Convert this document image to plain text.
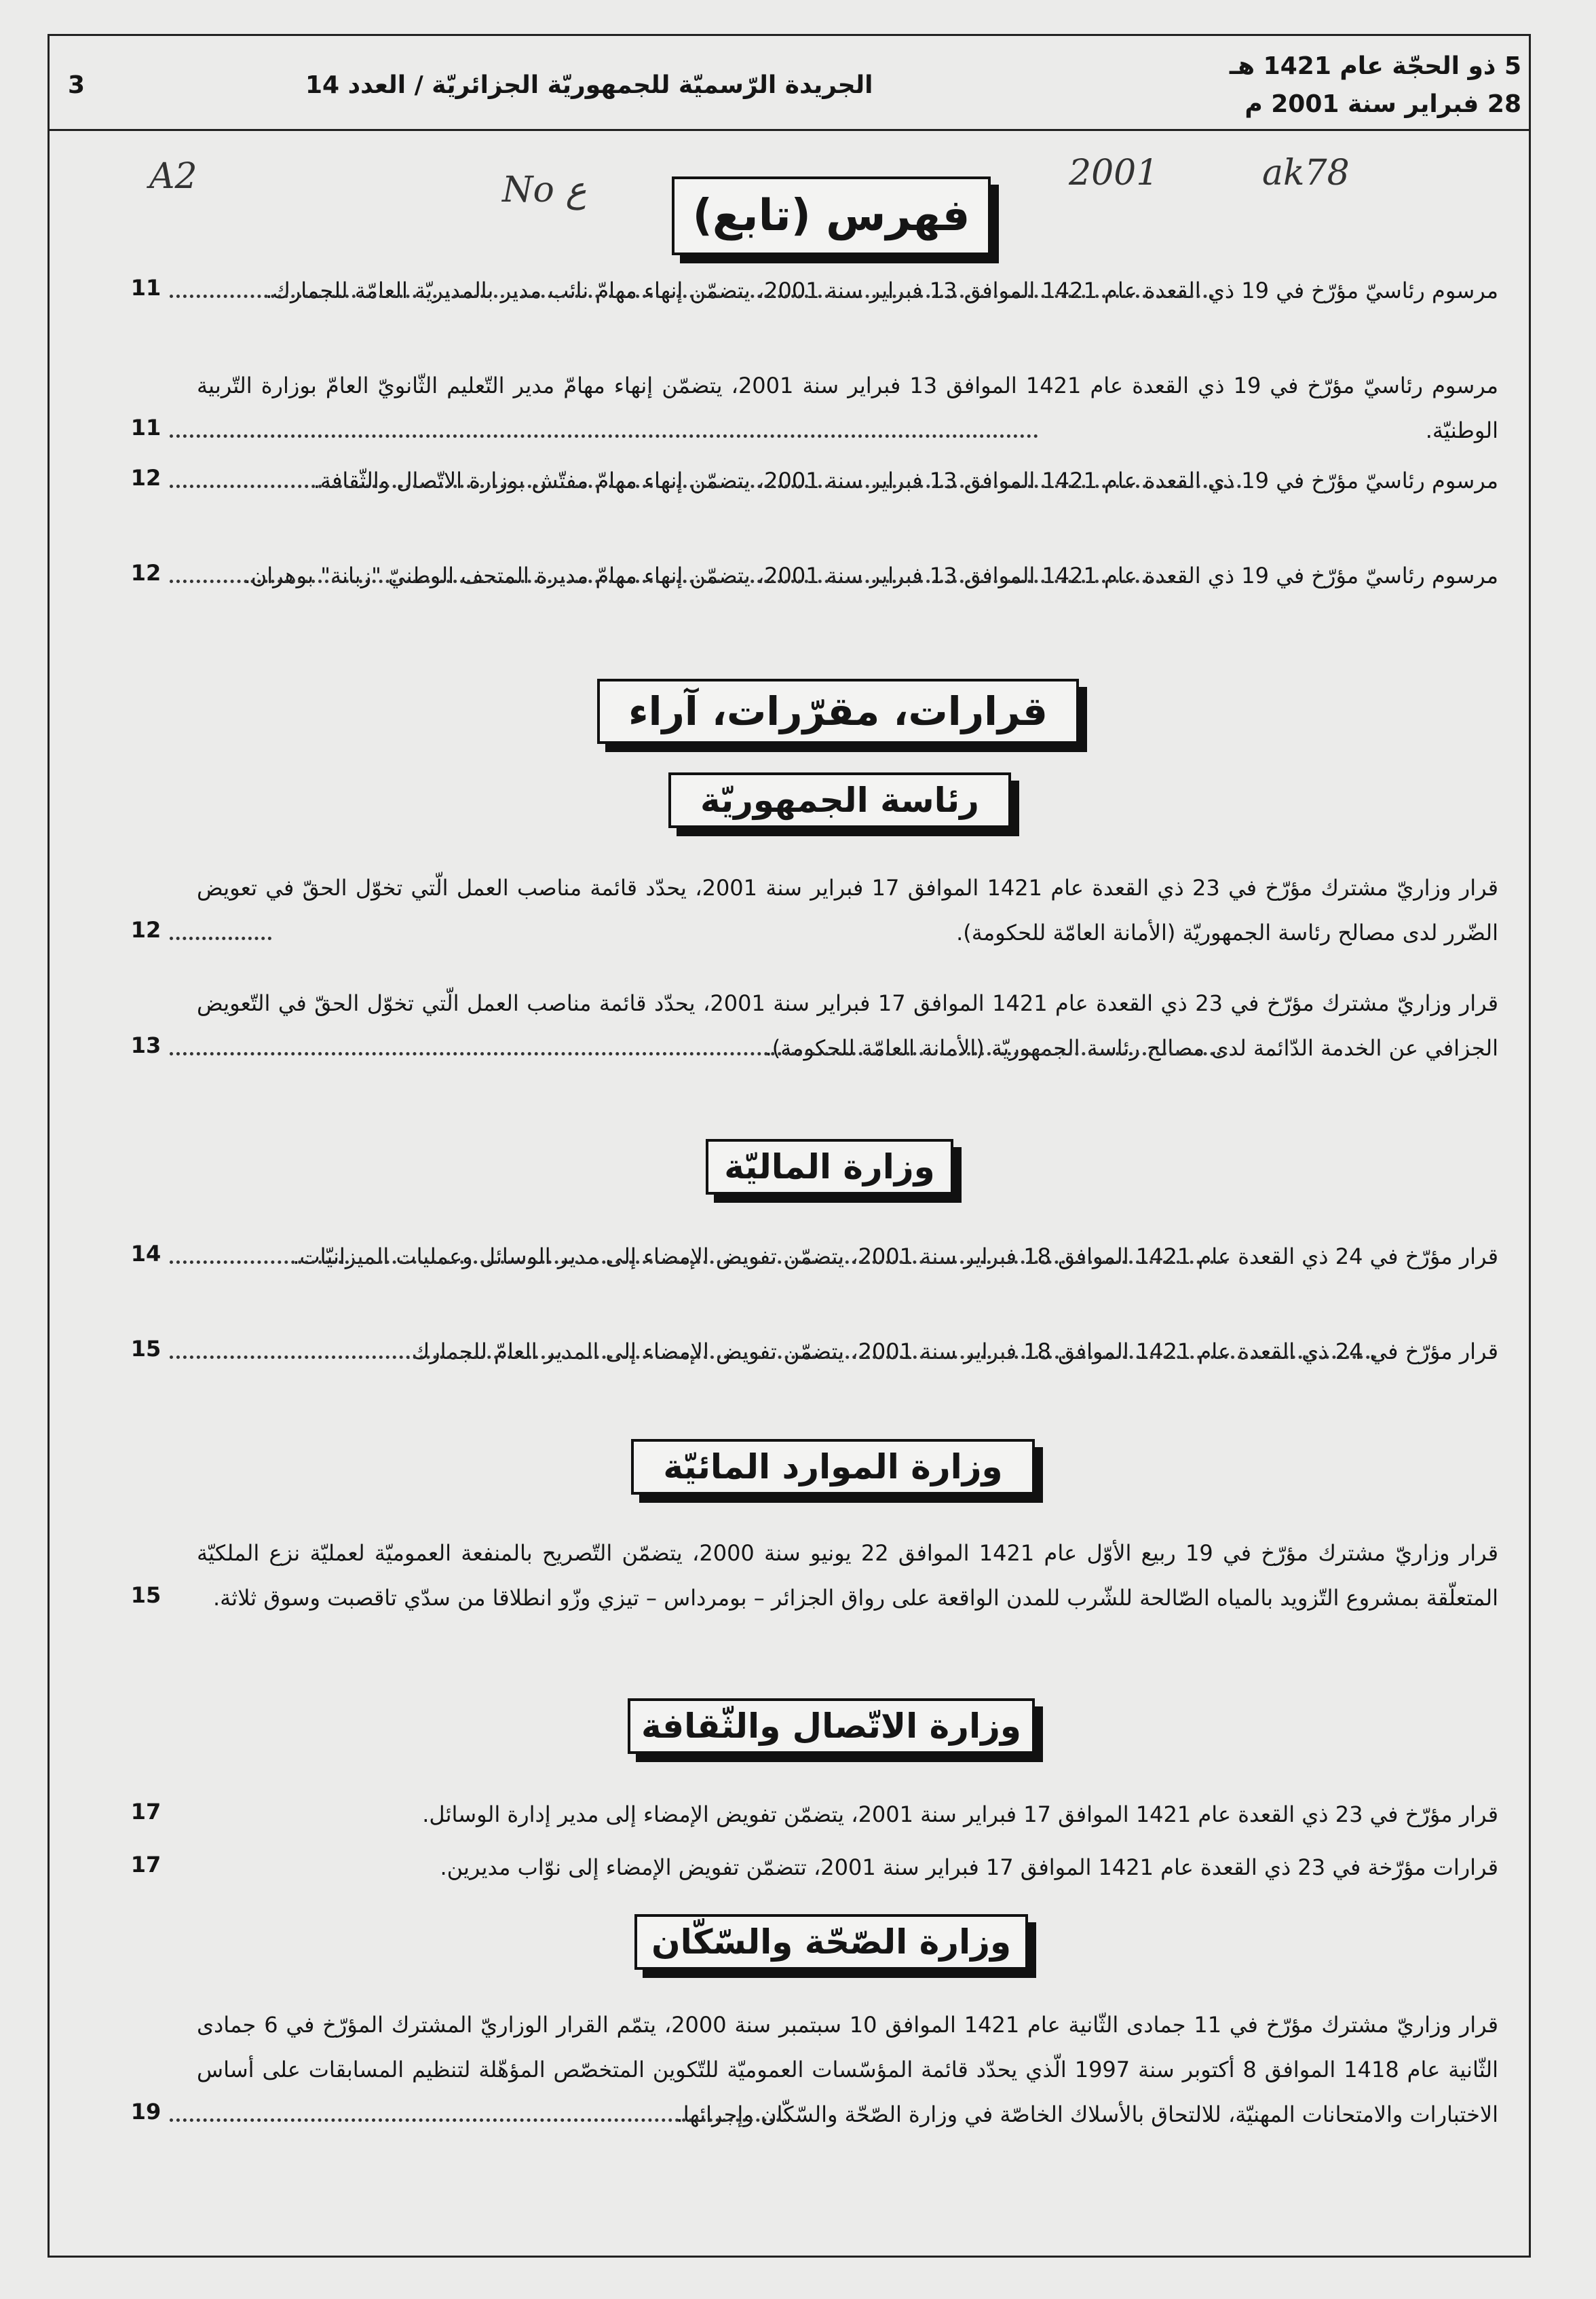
3	الجريدة الرّسميّة للجمهوريّة الجزائريّة / العدد 14
5 ذو الحجّة عام 1421 هـ
28 فبراير سنة 2001 م
A2	No ع	2001	ak78
فهرس (تابع)
مرسوم رئاسيّ مؤرّخ في 19 ذي القعدة عام 1421 الموافق 13 فبراير سنة 2001، يتضمّن إنهاء مهامّ نائب مدير بالمديريّة العامّة للجمارك.
11
مرسوم رئاسيّ مؤرّخ في 19 ذي القعدة عام 1421 الموافق 13 فبراير سنة 2001، يتضمّن إنهاء مهامّ مدير التّعليم الثّانويّ العامّ بوزارة التّربية الوطنيّة.
11
مرسوم رئاسيّ مؤرّخ في 19 ذي القعدة عام 1421 الموافق 13 فبراير سنة 2001، يتضمّن إنهاء مهامّ مفتّش بوزارة الاتّصال والثّقافة.
12
مرسوم رئاسيّ مؤرّخ في 19 ذي القعدة عام 1421 الموافق 13 فبراير سنة 2001، يتضمّن إنهاء مهامّ مديرة المتحف الوطنيّ "زبانة" بوهران.
12
قرارات، مقرّرات، آراء
رئاسة الجمهوريّة
قرار وزاريّ مشترك مؤرّخ في 23 ذي القعدة عام 1421 الموافق 17 فبراير سنة 2001، يحدّد قائمة مناصب العمل الّتي تخوّل الحقّ في تعويض الضّرر لدى مصالح رئاسة الجمهوريّة (الأمانة العامّة للحكومة).
12
قرار وزاريّ مشترك مؤرّخ في 23 ذي القعدة عام 1421 الموافق 17 فبراير سنة 2001، يحدّد قائمة مناصب العمل الّتي تخوّل الحقّ في التّعويض الجزافي عن الخدمة الدّائمة لدى مصالح رئاسة الجمهوريّة (الأمانة العامّة للحكومة).
13
وزارة الماليّة
قرار مؤرّخ في 24 ذي القعدة عام 1421 الموافق 18 فبراير سنة 2001، يتضمّن تفويض الإمضاء إلى مدير الوسائل وعمليات الميزانيّات.
14
قرار مؤرّخ في 24 ذي القعدة عام 1421 الموافق 18 فبراير سنة 2001، يتضمّن تفويض الإمضاء إلى المدير العامّ للجمارك.
15
وزارة الموارد المائيّة
قرار وزاريّ مشترك مؤرّخ في 19 ربيع الأوّل عام 1421 الموافق 22 يونيو سنة 2000، يتضمّن التّصريح بالمنفعة العموميّة لعمليّة نزع الملكيّة المتعلّقة بمشروع التّزويد بالمياه الصّالحة للشّرب للمدن الواقعة على رواق الجزائر – بومرداس – تيزي وزّو انطلاقا من سدّي تاقصبت وسوق ثلاثة.
15
وزارة الاتّصال والثّقافة
قرار مؤرّخ في 23 ذي القعدة عام 1421 الموافق 17 فبراير سنة 2001، يتضمّن تفويض الإمضاء إلى مدير إدارة الوسائل.
17
قرارات مؤرّخة في 23 ذي القعدة عام 1421 الموافق 17 فبراير سنة 2001، تتضمّن تفويض الإمضاء إلى نوّاب مديرين.
17
وزارة الصّحّة والسّكّان
قرار وزاريّ مشترك مؤرّخ في 11 جمادى الثّانية عام 1421 الموافق 10 سبتمبر سنة 2000، يتمّم القرار الوزاريّ المشترك المؤرّخ في 6 جمادى الثّانية عام 1418 الموافق 8 أكتوبر سنة 1997 الّذي يحدّد قائمة المؤسّسات العموميّة للتّكوين المتخصّص المؤهّلة لتنظيم المسابقات على أساس الاختبارات والامتحانات المهنيّة، للالتحاق بالأسلاك الخاصّة في وزارة الصّحّة والسّكّان وإجرائها.
19
